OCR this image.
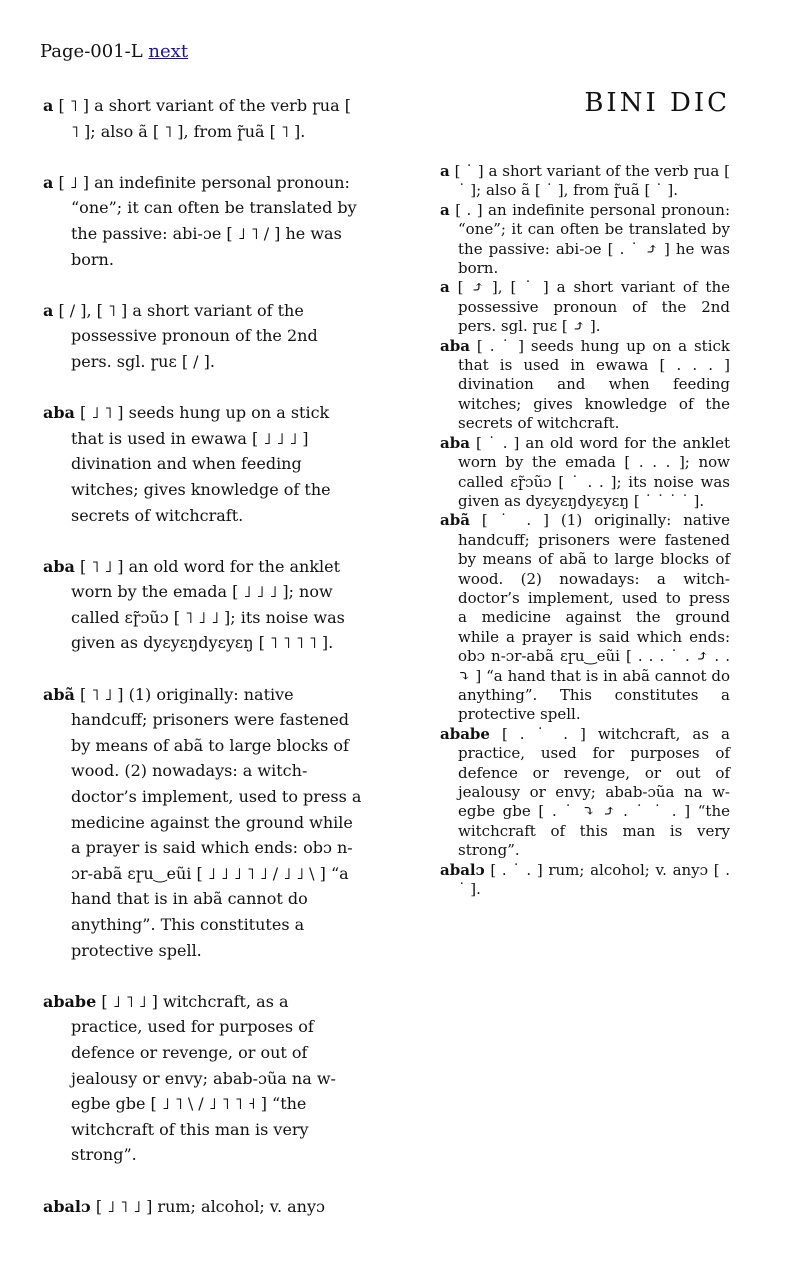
Page-001-L next

a [ ˥ ] a short variant of the verb ɼua [ ˥ ]; also ã [ ˥ ], from ɼ̃uã [ ˥ ].

a [ ˩ ] an indefinite personal pronoun: “one”; it can often be translated by the passive: abi-ɔe [ ˩ ˥ / ] he was born.

a [ / ], [ ˥ ] a short variant of the possessive pronoun of the 2nd pers. sgl. ɼuɛ [ / ].

aba [ ˩ ˥ ] seeds hung up on a stick that is used in ewawa [ ˩ ˩ ˩ ] divination and when feeding witches; gives knowledge of the secrets of witchcraft.

aba [ ˥ ˩ ] an old word for the anklet worn by the emada [ ˩ ˩ ˩ ]; now called ɛɼ̃ɔũɔ [ ˥ ˩ ˩ ]; its noise was given as dyɛyɛŋdyɛyɛŋ [ ˥ ˥ ˥ ˥ ].

abã [ ˥ ˩ ] (1) originally: native handcuff; prisoners were fastened by means of abã to large blocks of wood. (2) nowadays: a witch-doctor’s implement, used to press a medicine against the ground while a prayer is said which ends: obɔ n-ɔr-abã ɛɼu‿eũi [ ˩ ˩ ˩ ˥ ˩ / ˩ ˩ \ ] “a hand that is in abã cannot do anything”. This constitutes a protective spell.

ababe [ ˩ ˥ ˩ ] witchcraft, as a practice, used for purposes of defence or revenge, or out of jealousy or envy; abab-ɔũa na w-egbe gbe [ ˩ ˥ \ / ˩ ˥ ˥ ˧ ] “the witchcraft of this man is very strong”.

abalɔ [ ˩ ˥ ˩ ] rum; alcohol; v. anyɔ

BINI DIC

a [ ˙ ] a short variant of the verb ɼua [ ˙ ]; also ã [ ˙ ], from ɼ̃uã [ ˙ ].

a [ . ] an indefinite personal pronoun: “one”; it can often be translated by the passive: abi-ɔe [ . ˙ ⤴ ] he was born.

a [ ⤴ ], [ ˙ ] a short variant of the possessive pronoun of the 2nd pers. sgl. ɼuɛ [ ⤴ ].

aba [ . ˙ ] seeds hung up on a stick that is used in ewawa [ . . . ] divination and when feeding witches; gives knowledge of the secrets of witchcraft.

aba [ ˙ . ] an old word for the anklet worn by the emada [ . . . ]; now called ɛɼ̃ɔũɔ [ ˙ . . ]; its noise was given as dyɛyɛŋdyɛyɛŋ [ ˙ ˙ ˙ ˙ ].

abã [ ˙ . ] (1) originally: native handcuff; prisoners were fastened by means of abã to large blocks of wood. (2) nowadays: a witch-doctor’s implement, used to press a medicine against the ground while a prayer is said which ends: obɔ n-ɔr-abã ɛɼu‿eũi [ . . . ˙ . ⤴ . . ⤵ ] “a hand that is in abã cannot do anything”. This constitutes a protective spell.

ababe [ . ˙ . ] witchcraft, as a practice, used for purposes of defence or revenge, or out of jealousy or envy; abab-ɔũa na w-egbe gbe [ . ˙ ⤵ ⤴ . ˙ ˙ . ] “the witchcraft of this man is very strong”.

abalɔ [ . ˙ . ] rum; alcohol; v. anyɔ [ . ˙ ].
